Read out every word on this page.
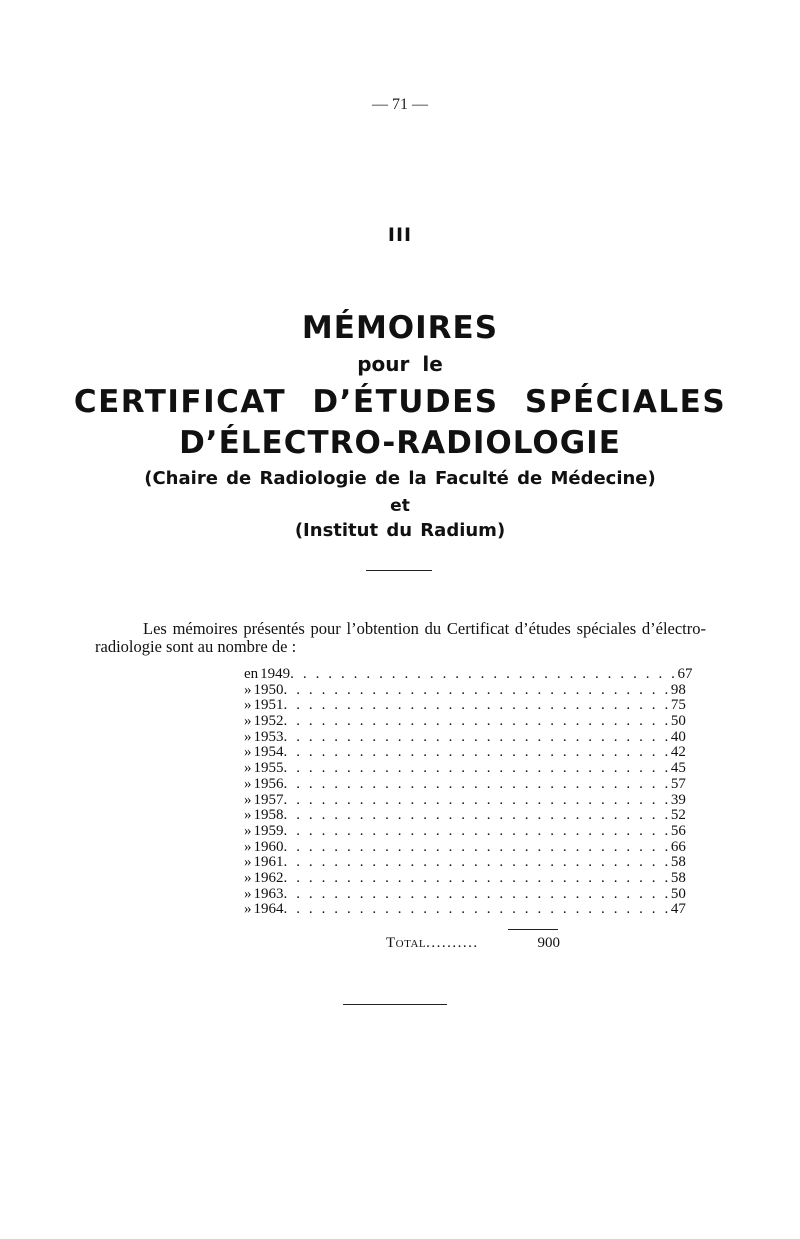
— 71 —
III
MÉMOIRES
pour le
CERTIFICAT D’ÉTUDES SPÉCIALES
D’ÉLECTRO-RADIOLOGIE
(Chaire de Radiologie de la Faculté de Médecine)
et
(Institut du Radium)
Les mémoires présentés pour l’obtention du Certificat d’études spéciales d’électro-radiologie sont au nombre de :
en 1949 . . . . . . . . . . . . . . . . . . . . . . . . . . . . . . . 67
» 1950 . . . . . . . . . . . . . . . . . . . . . . . . . . . . . . . 98
» 1951 . . . . . . . . . . . . . . . . . . . . . . . . . . . . . . . 75
» 1952 . . . . . . . . . . . . . . . . . . . . . . . . . . . . . . . 50
» 1953 . . . . . . . . . . . . . . . . . . . . . . . . . . . . . . . 40
» 1954 . . . . . . . . . . . . . . . . . . . . . . . . . . . . . . . 42
» 1955 . . . . . . . . . . . . . . . . . . . . . . . . . . . . . . . 45
» 1956 . . . . . . . . . . . . . . . . . . . . . . . . . . . . . . . 57
» 1957 . . . . . . . . . . . . . . . . . . . . . . . . . . . . . . . 39
» 1958 . . . . . . . . . . . . . . . . . . . . . . . . . . . . . . . 52
» 1959 . . . . . . . . . . . . . . . . . . . . . . . . . . . . . . . 56
» 1960 . . . . . . . . . . . . . . . . . . . . . . . . . . . . . . . 66
» 1961 . . . . . . . . . . . . . . . . . . . . . . . . . . . . . . . 58
» 1962 . . . . . . . . . . . . . . . . . . . . . . . . . . . . . . . 58
» 1963 . . . . . . . . . . . . . . . . . . . . . . . . . . . . . . . 50
» 1964 . . . . . . . . . . . . . . . . . . . . . . . . . . . . . . . 47
Total ..........	900
